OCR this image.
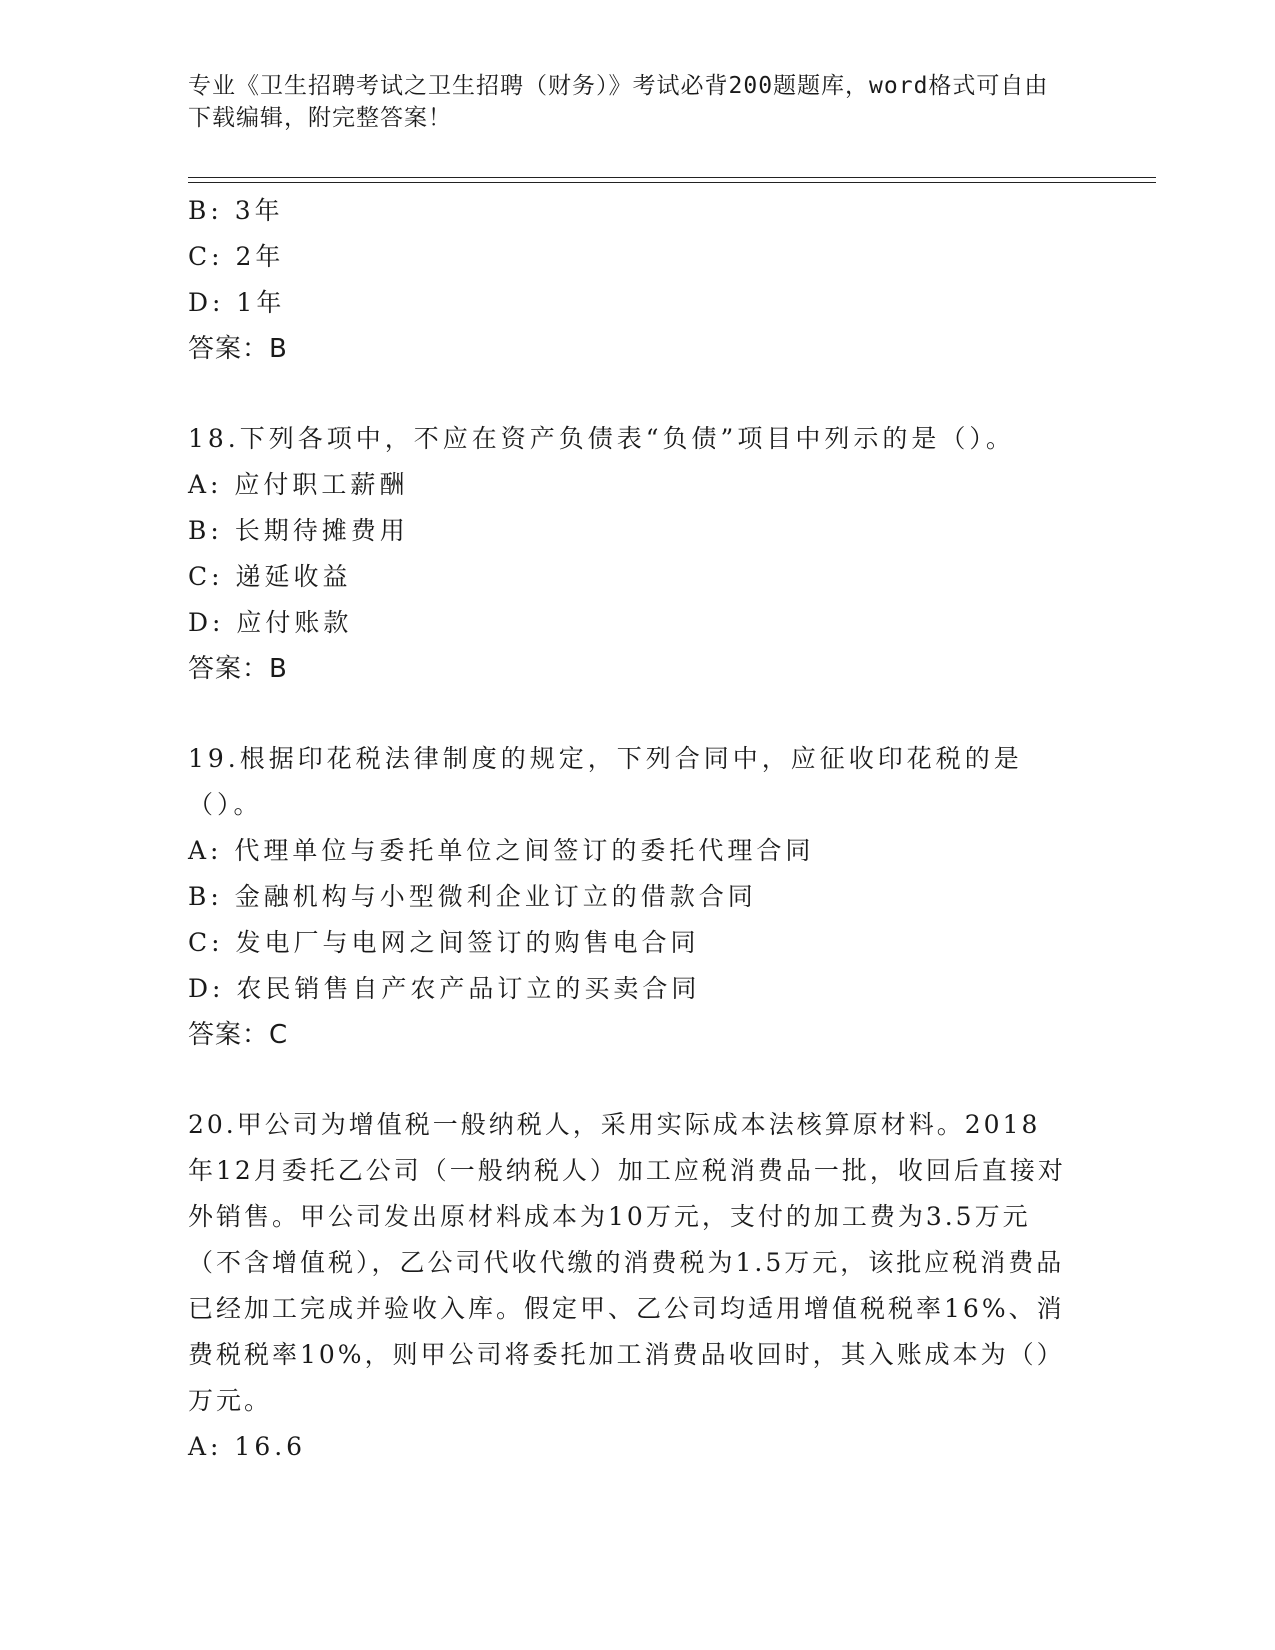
专业《卫生招聘考试之卫生招聘（财务）》考试必背200题题库，word格式可自由下载编辑，附完整答案！
B: 3年
C: 2年
D: 1年
答案：B
18.下列各项中，不应在资产负债表“负债”项目中列示的是（）。
A: 应付职工薪酬
B: 长期待摊费用
C: 递延收益
D: 应付账款
答案：B
19.根据印花税法律制度的规定，下列合同中，应征收印花税的是（）。
A: 代理单位与委托单位之间签订的委托代理合同
B: 金融机构与小型微利企业订立的借款合同
C: 发电厂与电网之间签订的购售电合同
D: 农民销售自产农产品订立的买卖合同
答案：C
20.甲公司为增值税一般纳税人，采用实际成本法核算原材料。2018年12月委托乙公司（一般纳税人）加工应税消费品一批，收回后直接对外销售。甲公司发出原材料成本为10万元，支付的加工费为3.5万元（不含增值税），乙公司代收代缴的消费税为1.5万元，该批应税消费品已经加工完成并验收入库。假定甲、乙公司均适用增值税税率16%、消费税税率10%，则甲公司将委托加工消费品收回时，其入账成本为（）万元。
A: 16.6
